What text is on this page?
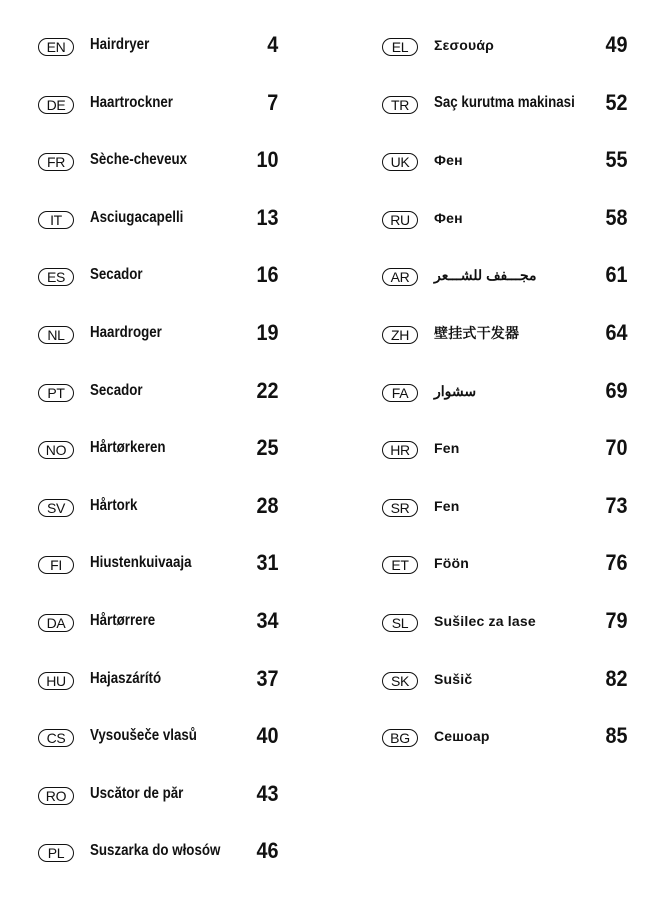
EN	Hairdryer	4
DE	Haartrockner	7
FR	Sèche-cheveux	10
IT	Asciugacapelli	13
ES	Secador	16
NL	Haardroger	19
PT	Secador	22
NO	Hårtørkeren	25
SV	Hårtork	28
FI	Hiustenkuivaaja	31
DA	Hårtørrere	34
HU	Hajaszárító	37
CS	Vysoušeče vlasů	40
RO	Uscător de păr	43
PL	Suszarka do włosów 46
EL	Σεσουάρ	49
TR	Saç kurutma makinasi 52
UK	Фен	55
RU	Фен	58
AR	مجـــفف للشـــعر	61
ZH	壁挂式干发器	64
FA	سشوار	69
HR	Fen	70
SR	Fen	73
ET	Föön	76
SL	Sušilec za lase	79
SK	Sušič	82
BG	Сешоар	85
